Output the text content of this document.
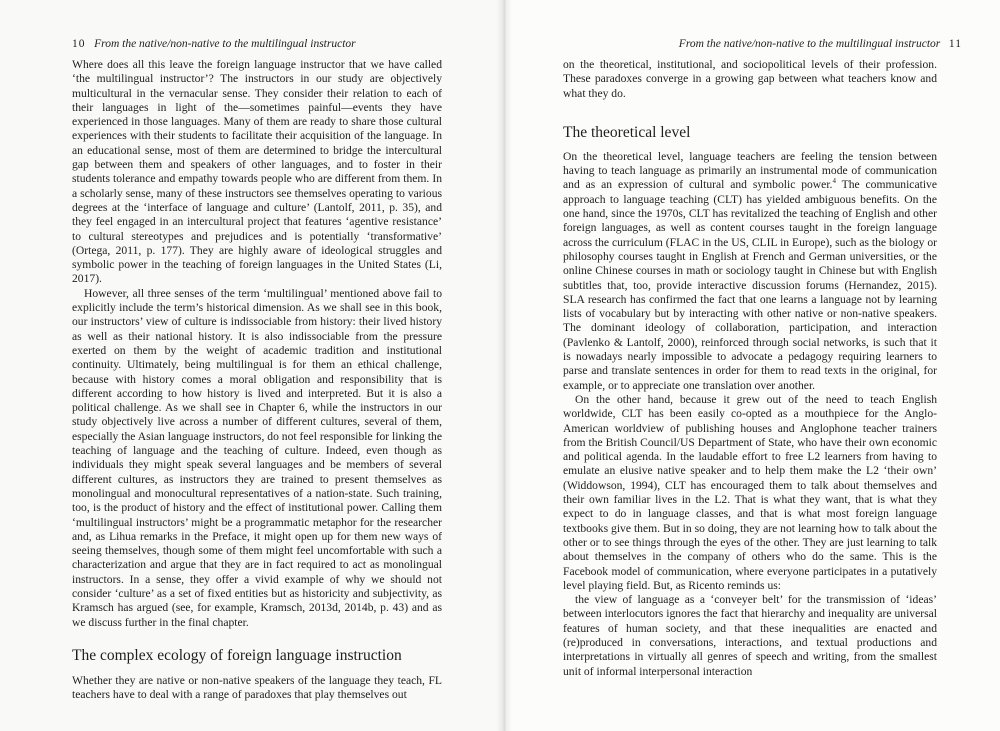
10 From the native/non-native to the multilingual instructor

Where does all this leave the foreign language instructor that we have called ‘the multilingual instructor’? The instructors in our study are objectively multicultural in the vernacular sense. They consider their relation to each of their languages in light of the—sometimes painful—events they have experienced in those languages. Many of them are ready to share those cultural experiences with their students to facilitate their acquisition of the language. In an educational sense, most of them are determined to bridge the intercultural gap between them and speakers of other languages, and to foster in their students tolerance and empathy towards people who are different from them. In a scholarly sense, many of these instructors see themselves operating to various degrees at the ‘interface of language and culture’ (Lantolf, 2011, p. 35), and they feel engaged in an intercultural project that features ‘agentive resistance’ to cultural stereotypes and prejudices and is potentially ‘transformative’ (Ortega, 2011, p. 177). They are highly aware of ideological struggles and symbolic power in the teaching of foreign languages in the United States (Li, 2017).

However, all three senses of the term ‘multilingual’ mentioned above fail to explicitly include the term’s historical dimension. As we shall see in this book, our instructors’ view of culture is indissociable from history: their lived history as well as their national history. It is also indissociable from the pressure exerted on them by the weight of academic tradition and institutional continuity. Ultimately, being multilingual is for them an ethical challenge, because with history comes a moral obligation and responsibility that is different according to how history is lived and interpreted. But it is also a political challenge. As we shall see in Chapter 6, while the instructors in our study objectively live across a number of different cultures, several of them, especially the Asian language instructors, do not feel responsible for linking the teaching of language and the teaching of culture. Indeed, even though as individuals they might speak several languages and be members of several different cultures, as instructors they are trained to present themselves as monolingual and monocultural representatives of a nation-state. Such training, too, is the product of history and the effect of institutional power. Calling them ‘multilingual instructors’ might be a programmatic metaphor for the researcher and, as Lihua remarks in the Preface, it might open up for them new ways of seeing themselves, though some of them might feel uncomfortable with such a characterization and argue that they are in fact required to act as monolingual instructors. In a sense, they offer a vivid example of why we should not consider ‘culture’ as a set of fixed entities but as historicity and subjectivity, as Kramsch has argued (see, for example, Kramsch, 2013d, 2014b, p. 43) and as we discuss further in the final chapter.

The complex ecology of foreign language instruction

Whether they are native or non-native speakers of the language they teach, FL teachers have to deal with a range of paradoxes that play themselves out

From the native/non-native to the multilingual instructor 11

on the theoretical, institutional, and sociopolitical levels of their profession. These paradoxes converge in a growing gap between what teachers know and what they do.

The theoretical level

On the theoretical level, language teachers are feeling the tension between having to teach language as primarily an instrumental mode of communication and as an expression of cultural and symbolic power.$^4$ The communicative approach to language teaching (CLT) has yielded ambiguous benefits. On the one hand, since the 1970s, CLT has revitalized the teaching of English and other foreign languages, as well as content courses taught in the foreign language across the curriculum (FLAC in the US, CLIL in Europe), such as the biology or philosophy courses taught in English at French and German universities, or the online Chinese courses in math or sociology taught in Chinese but with English subtitles that, too, provide interactive discussion forums (Hernandez, 2015). SLA research has confirmed the fact that one learns a language not by learning lists of vocabulary but by interacting with other native or non-native speakers. The dominant ideology of collaboration, participation, and interaction (Pavlenko & Lantolf, 2000), reinforced through social networks, is such that it is nowadays nearly impossible to advocate a pedagogy requiring learners to parse and translate sentences in order for them to read texts in the original, for example, or to appreciate one translation over another.

On the other hand, because it grew out of the need to teach English worldwide, CLT has been easily co-opted as a mouthpiece for the Anglo-American worldview of publishing houses and Anglophone teacher trainers from the British Council/US Department of State, who have their own economic and political agenda. In the laudable effort to free L2 learners from having to emulate an elusive native speaker and to help them make the L2 ‘their own’ (Widdowson, 1994), CLT has encouraged them to talk about themselves and their own familiar lives in the L2. That is what they want, that is what they expect to do in language classes, and that is what most foreign language textbooks give them. But in so doing, they are not learning how to talk about the other or to see things through the eyes of the other. They are just learning to talk about themselves in the company of others who do the same. This is the Facebook model of communication, where everyone participates in a putatively level playing field. But, as Ricento reminds us:

the view of language as a ‘conveyer belt’ for the transmission of ‘ideas’ between interlocutors ignores the fact that hierarchy and inequality are universal features of human society, and that these inequalities are enacted and (re)produced in conversations, interactions, and textual productions and interpretations in virtually all genres of speech and writing, from the smallest unit of informal interpersonal interaction
